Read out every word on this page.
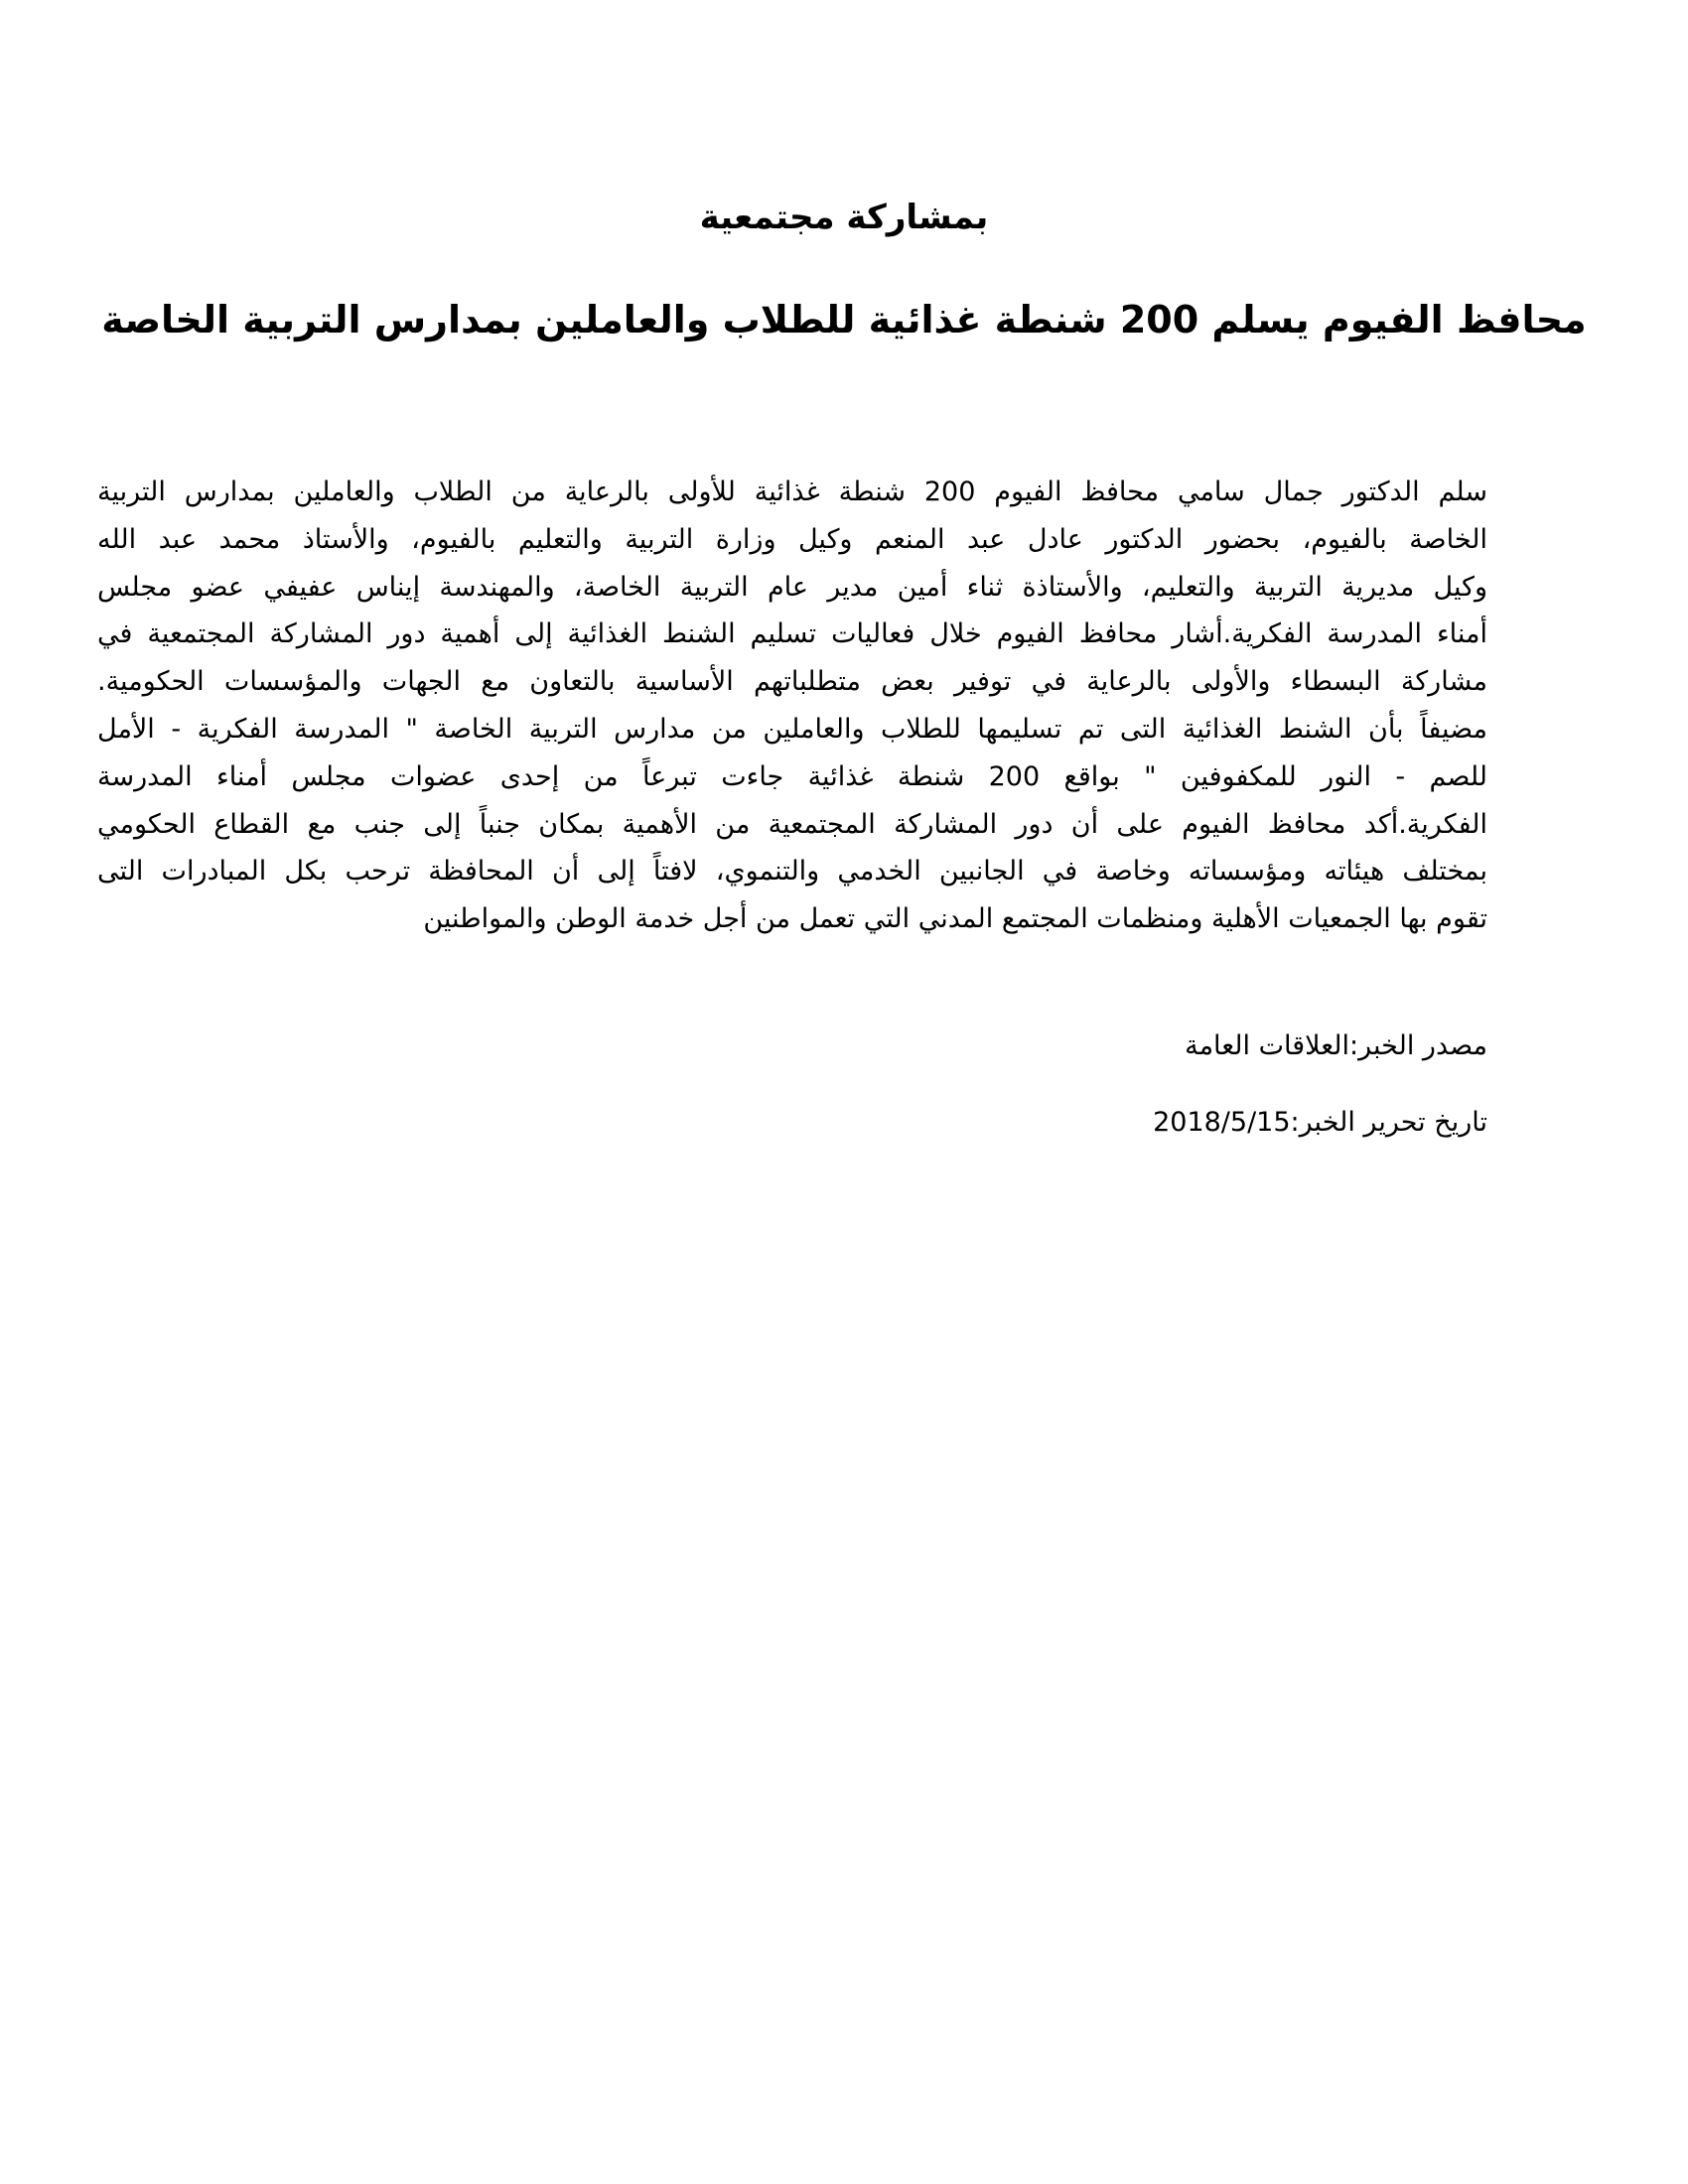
بمشاركة مجتمعية
محافظ الفيوم يسلم 200 شنطة غذائية للطلاب والعاملين بمدارس التربية الخاصة
سلم الدكتور جمال سامي محافظ الفيوم 200 شنطة غذائية للأولى بالرعاية من الطلاب والعاملين بمدارس التربية
الخاصة بالفيوم، بحضور الدكتور عادل عبد المنعم وكيل وزارة التربية والتعليم بالفيوم، والأستاذ محمد عبد الله
وكيل مديرية التربية والتعليم، والأستاذة ثناء أمين مدير عام التربية الخاصة، والمهندسة إيناس عفيفي عضو مجلس
أمناء المدرسة الفكرية.أشار محافظ الفيوم خلال فعاليات تسليم الشنط الغذائية إلى أهمية دور المشاركة المجتمعية في
مشاركة البسطاء والأولى بالرعاية في توفير بعض متطلباتهم الأساسية بالتعاون مع الجهات والمؤسسات الحكومية.
مضيفاً بأن الشنط الغذائية التى تم تسليمها للطلاب والعاملين من مدارس التربية الخاصة " المدرسة الفكرية - الأمل
للصم - النور للمكفوفين " بواقع 200 شنطة غذائية جاءت تبرعاً من إحدى عضوات مجلس أمناء المدرسة
الفكرية.أكد محافظ الفيوم على أن دور المشاركة المجتمعية من الأهمية بمكان جنباً إلى جنب مع القطاع الحكومي
بمختلف هيئاته ومؤسساته وخاصة في الجانبين الخدمي والتنموي، لافتاً إلى أن المحافظة ترحب بكل المبادرات التى
تقوم بها الجمعيات الأهلية ومنظمات المجتمع المدني التي تعمل من أجل خدمة الوطن والمواطنين
مصدر الخبر:العلاقات العامة
تاريخ تحرير الخبر:2018/5/15
